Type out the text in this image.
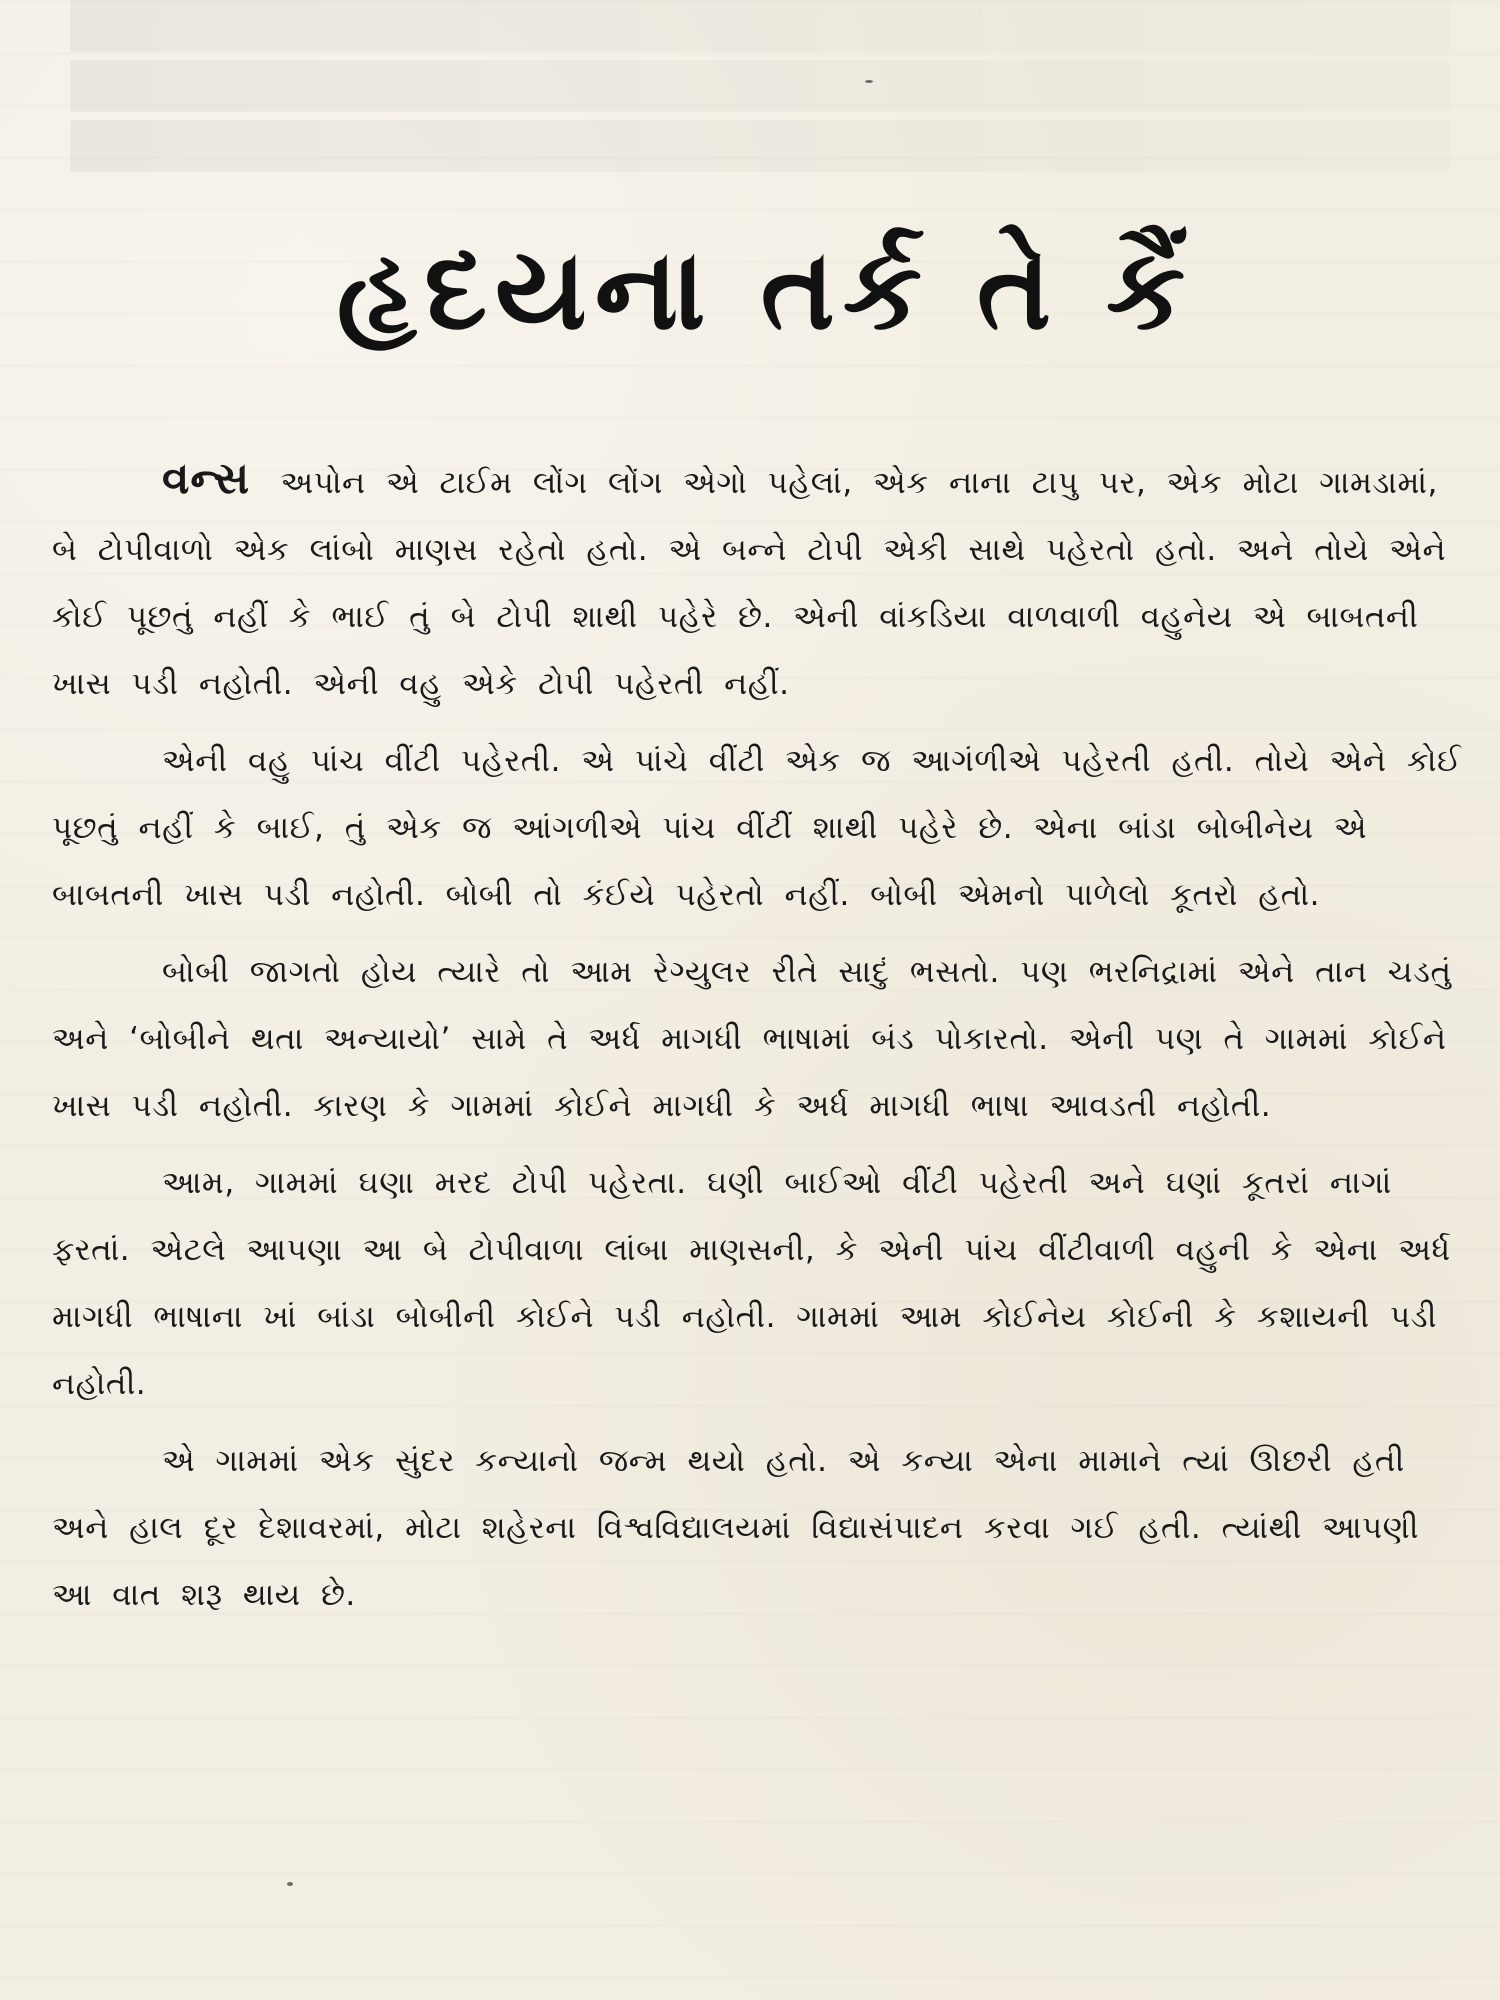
હૃદયના તર્ક તે કૈં

વન્સ અપોન એ ટાઈમ લોંગ લોંગ એગો પહેલાં, એક નાના ટાપુ પર, એક મોટા ગામડામાં, બે ટોપીવાળો એક લાંબો માણસ રહેતો હતો. એ બન્ને ટોપી એકી સાથે પહેરતો હતો. અને તોયે એને કોઈ પૂછતું નહીં કે ભાઈ તું બે ટોપી શાથી પહેરે છે. એની વાંકડિયા વાળવાળી વહુનેય એ બાબતની ખાસ પડી નહોતી. એની વહુ એકે ટોપી પહેરતી નહીં.

એની વહુ પાંચ વીંટી પહેરતી. એ પાંચે વીંટી એક જ આગંળીએ પહેરતી હતી. તોયે એને કોઈ પૂછતું નહીં કે બાઈ, તું એક જ આંગળીએ પાંચ વીંટીં શાથી પહેરે છે. એના બાંડા બોબીનેય એ બાબતની ખાસ પડી નહોતી. બોબી તો કંઈયે પહેરતો નહીં. બોબી એમનો પાળેલો કૂતરો હતો.

બોબી જાગતો હોય ત્યારે તો આમ રેગ્યુલર રીતે સાદું ભસતો. પણ ભરનિદ્રામાં એને તાન ચડતું અને ‘બોબીને થતા અન્યાયો’ સામે તે અર્ધ માગધી ભાષામાં બંડ પોકારતો. એની પણ તે ગામમાં કોઈને ખાસ પડી નહોતી. કારણ કે ગામમાં કોઈને માગધી કે અર્ધ માગધી ભાષા આવડતી નહોતી.

આમ, ગામમાં ઘણા મરદ ટોપી પહેરતા. ઘણી બાઈઓ વીંટી પહેરતી અને ઘણાં કૂતરાં નાગાં ફરતાં. એટલે આપણા આ બે ટોપીવાળા લાંબા માણસની, કે એની પાંચ વીંટીવાળી વહુની કે એના અર્ધ માગધી ભાષાના ખાં બાંડા બોબીની કોઈને પડી નહોતી. ગામમાં આમ કોઈનેય કોઈની કે કશાયની પડી નહોતી.

એ ગામમાં એક સુંદર કન્યાનો જન્મ થયો હતો. એ કન્યા એના મામાને ત્યાં ઊછરી હતી અને હાલ દૂર દેશાવરમાં, મોટા શહેરના વિશ્વવિદ્યાલયમાં વિદ્યાસંપાદન કરવા ગઈ હતી. ત્યાંથી આપણી આ વાત શરૂ થાય છે.
